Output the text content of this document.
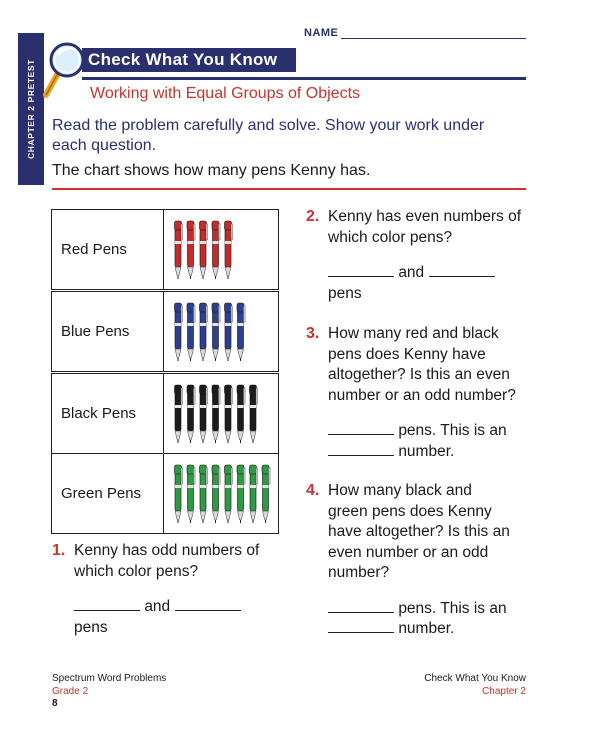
NAME
CHAPTER 2 PRETEST	Check What You Know
Working with Equal Groups of Objects
Read the problem carefully and solve. Show your work under each question.
The chart shows how many pens Kenny has.
Red Pens	

Blue Pens	

Black Pens	

Green Pens	
1. Kenny has odd numbers of
which color pens?
and
pens
2. Kenny has even numbers of
which color pens?
and
pens
3. How many red and black
pens does Kenny have
altogether? Is this an even
number or an odd number?
pens. This is an
number.
4. How many black and
green pens does Kenny
have altogether? Is this an
even number or an odd
number?
pens. This is an
number.
Spectrum Word Problems
Grade 2
8
Check What You Know
Chapter 2
